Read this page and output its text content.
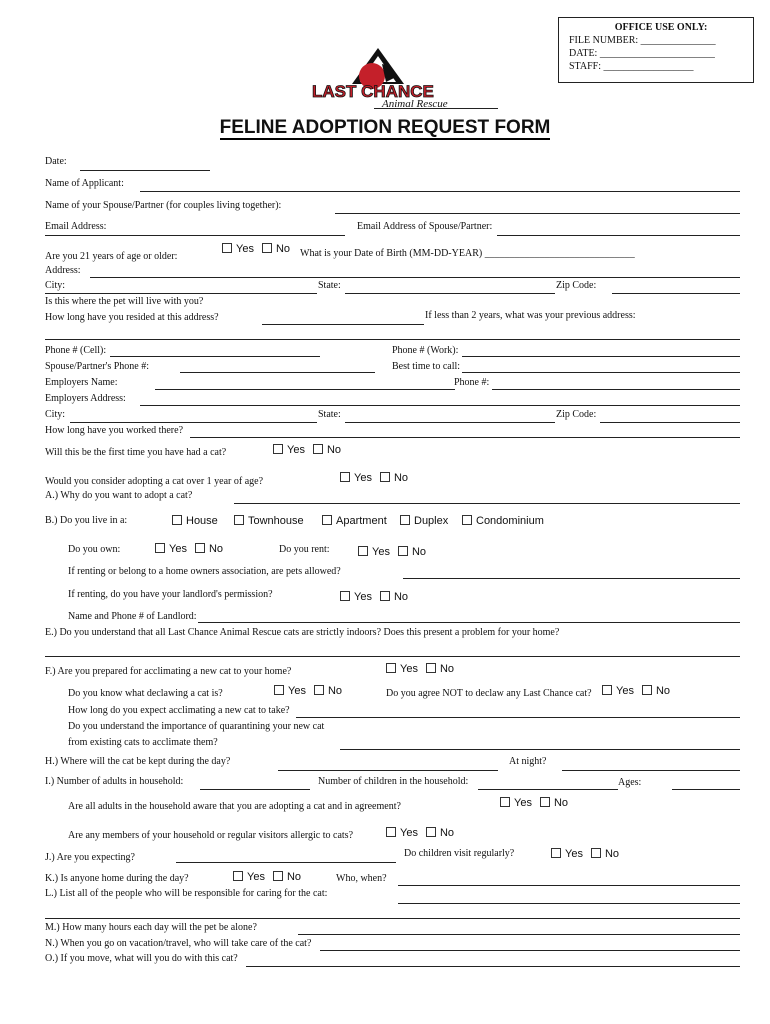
OFFICE USE ONLY:
FILE NUMBER: _______________
DATE: _______________________
STAFF: __________________
LAST CHANCE
Animal Rescue
FELINE ADOPTION REQUEST FORM
Date:
Name of Applicant:
Name of your Spouse/Partner (for couples living together):
Email Address:	Email Address of Spouse/Partner:
Are you 21 years of age or older:
Yes No What is your Date of Birth (MM-DD-YEAR) ______________________________
Address:
City:	State:	Zip Code:
Is this where the pet will live with you?
How long have you resided at this address?	If less than 2 years, what was your previous address:
Phone # (Cell):	Phone # (Work):
Spouse/Partner's Phone #:	Best time to call:
Employers Name:	Phone #:
Employers Address:
City:	State:	Zip Code:
How long have you worked there?
Will this be the first time you have had a cat?	Yes No
Would you consider adopting a cat over 1 year of age?	Yes No
A.) Why do you want to adopt a cat?
B.) Do you live in a:	House	Townhouse	Apartment	Duplex	Condominium
Do you own:	Yes No	Do you rent:	Yes No
If renting or belong to a home owners association, are pets allowed?
If renting, do you have your landlord's permission?	Yes No
Name and Phone # of Landlord:
E.) Do you understand that all Last Chance Animal Rescue cats are strictly indoors? Does this present a problem for your home?
F.) Are you prepared for acclimating a new cat to your home?	Yes No
Do you know what declawing a cat is?	Yes No	Do you agree NOT to declaw any Last Chance cat?	Yes No
How long do you expect acclimating a new cat to take?
Do you understand the importance of quarantining your new cat
from existing cats to acclimate them?
H.) Where will the cat be kept during the day?	At night?
I.) Number of adults in household:	Number of children in the household:	Ages:
Are all adults in the household aware that you are adopting a cat and in agreement?	Yes No
Are any members of your household or regular visitors allergic to cats?	Yes No
J.) Are you expecting?	Do children visit regularly?	Yes No
K.) Is anyone home during the day?	Yes No	Who, when?
L.) List all of the people who will be responsible for caring for the cat:
M.) How many hours each day will the pet be alone?
N.) When you go on vacation/travel, who will take care of the cat?
O.) If you move, what will you do with this cat?
